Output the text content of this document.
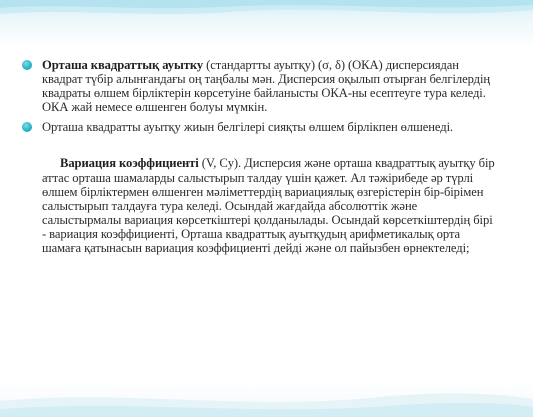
Орташа квадраттық ауытку (стандартты ауытқу) (σ, δ) (ОКА) дисперсиядан квадрат түбір алынғандағы оң таңбалы мән. Дисперсия оқылып отырған белгілердің квадраты өлшем бірліктерін көрсетуіне байланысты ОКА-ны есептеуге тура келеді. ОКА жай немесе өлшенген болуы мүмкін.
Орташа квадратты ауытқу жиын белгілері сияқты өлшем бірлікпен өлшенеді.
Вариация коэффициенті (V, Cy). Дисперсия және орташа квадраттық ауытқу бір аттас орташа шамаларды салыстырып талдау үшін қажет. Ал тәжірибеде әр түрлі өлшем бірліктермен өлшенген мәліметтердің вариациялық өзгерістерін бір-бірімен салыстырып талдауға тура келеді. Осындай жағдайда абсолюттік және салыстырмалы вариация көрсеткіштері қолданылады. Осындай көрсеткіштердің бірі - вариация коэффициенті, Орташа квадраттық ауытқудың арифметикалық орта шамаға қатынасын вариация коэффициенті дейді және ол пайызбен өрнектеледі;
